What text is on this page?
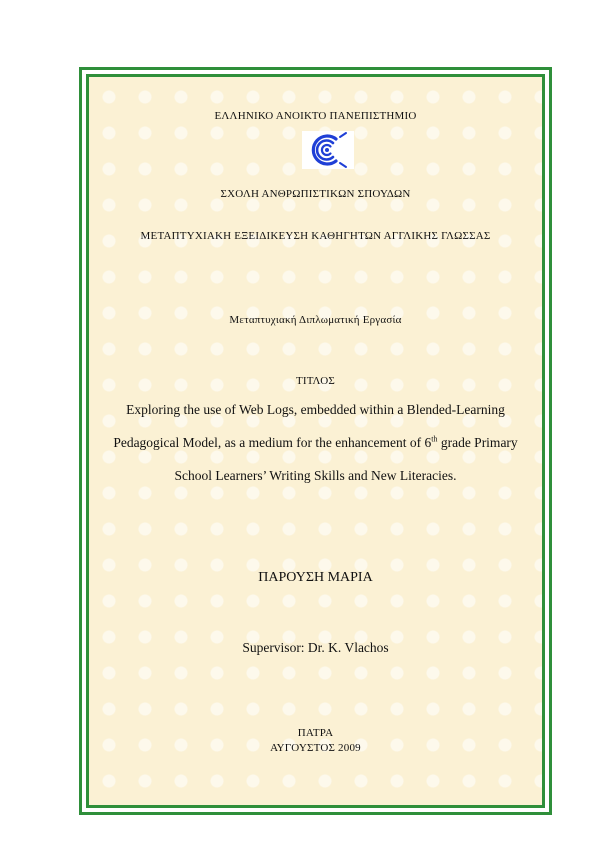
ΕΛΛΗΝΙΚΟ ΑΝΟΙΚΤΟ ΠΑΝΕΠΙΣΤΗΜΙΟ
ΣΧΟΛΗ ΑΝΘΡΩΠΙΣΤΙΚΩΝ ΣΠΟΥΔΩΝ
ΜΕΤΑΠΤΥΧΙΑΚΗ ΕΞΕΙΔΙΚΕΥΣΗ ΚΑΘΗΓΗΤΩΝ ΑΓΓΛΙΚΗΣ ΓΛΩΣΣΑΣ
Μεταπτυχιακή Διπλωματική Εργασία
ΤΙΤΛΟΣ
Exploring the use of Web Logs, embedded within a Blended-Learning
Pedagogical Model, as a medium for the enhancement of 6th grade Primary
School Learners’ Writing Skills and New Literacies.
ΠΑΡΟΥΣΗ ΜΑΡΙΑ
Supervisor: Dr. K. Vlachos
ΠΑΤΡΑ
ΑΥΓΟΥΣΤΟΣ 2009
